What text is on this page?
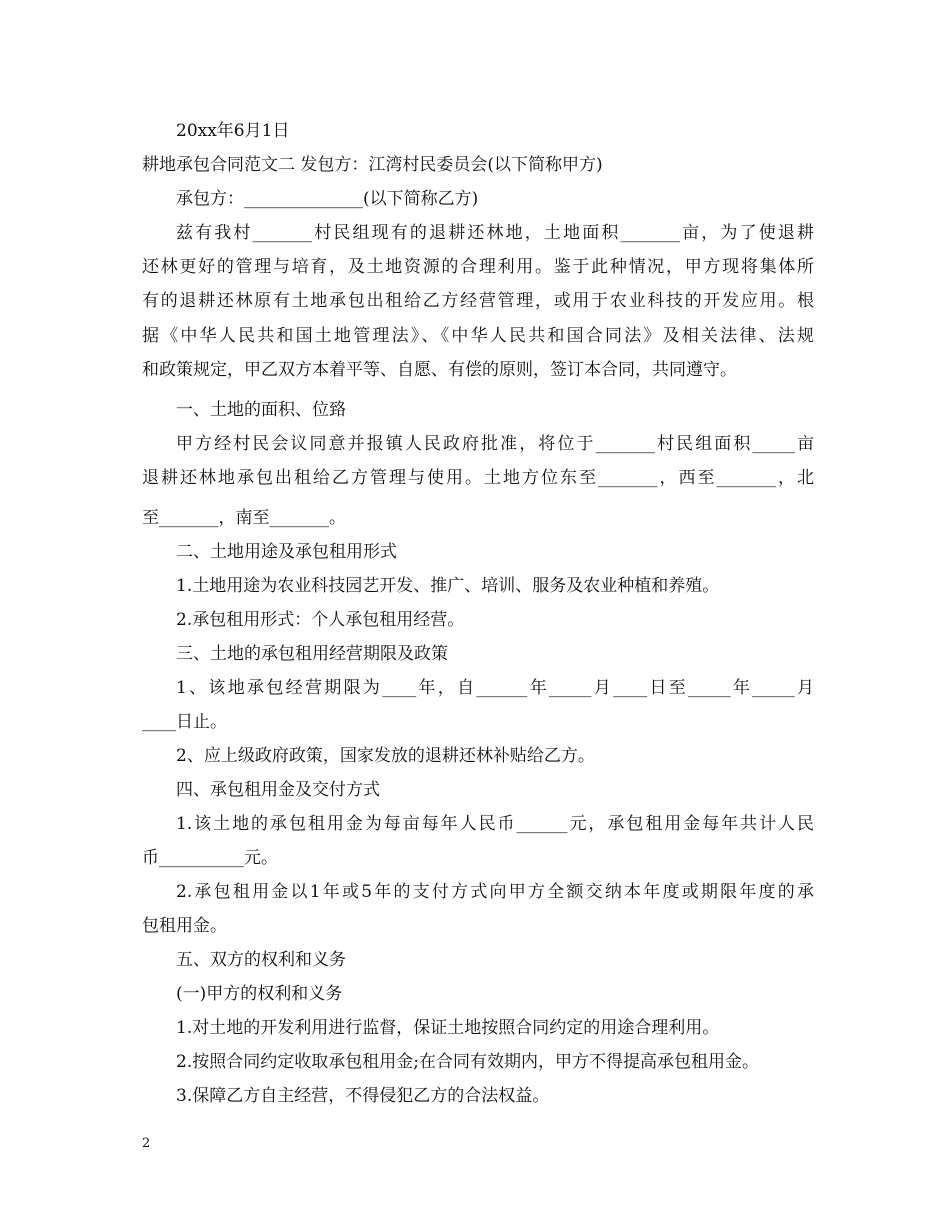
20xx年6月1日
耕地承包合同范文二 发包方：江湾村民委员会(以下简称甲方)
承包方：______________(以下简称乙方)
兹有我村_______村民组现有的退耕还林地，土地面积_______亩，为了使退耕
还林更好的管理与培育，及土地资源的合理利用。鉴于此种情况，甲方现将集体所
有的退耕还林原有土地承包出租给乙方经营管理，或用于农业科技的开发应用。根
据《中华人民共和国土地管理法》、《中华人民共和国合同法》及相关法律、法规
和政策规定，甲乙双方本着平等、自愿、有偿的原则，签订本合同，共同遵守。
一、土地的面积、位臵
甲方经村民会议同意并报镇人民政府批准，将位于_______村民组面积_____亩
退耕还林地承包出租给乙方管理与使用。土地方位东至_______，西至_______，北
至_______，南至_______。
二、土地用途及承包租用形式
1.土地用途为农业科技园艺开发、推广、培训、服务及农业种植和养殖。
2.承包租用形式：个人承包租用经营。
三、土地的承包租用经营期限及政策
1、该地承包经营期限为____年，自______年_____月____日至_____年_____月
____日止。
2、应上级政府政策，国家发放的退耕还林补贴给乙方。
四、承包租用金及交付方式
1.该土地的承包租用金为每亩每年人民币______元，承包租用金每年共计人民
币__________元。
2.承包租用金以1年或5年的支付方式向甲方全额交纳本年度或期限年度的承
包租用金。
五、双方的权利和义务
(一)甲方的权利和义务
1.对土地的开发利用进行监督，保证土地按照合同约定的用途合理利用。
2.按照合同约定收取承包租用金;在合同有效期内，甲方不得提高承包租用金。
3.保障乙方自主经营，不得侵犯乙方的合法权益。
2
